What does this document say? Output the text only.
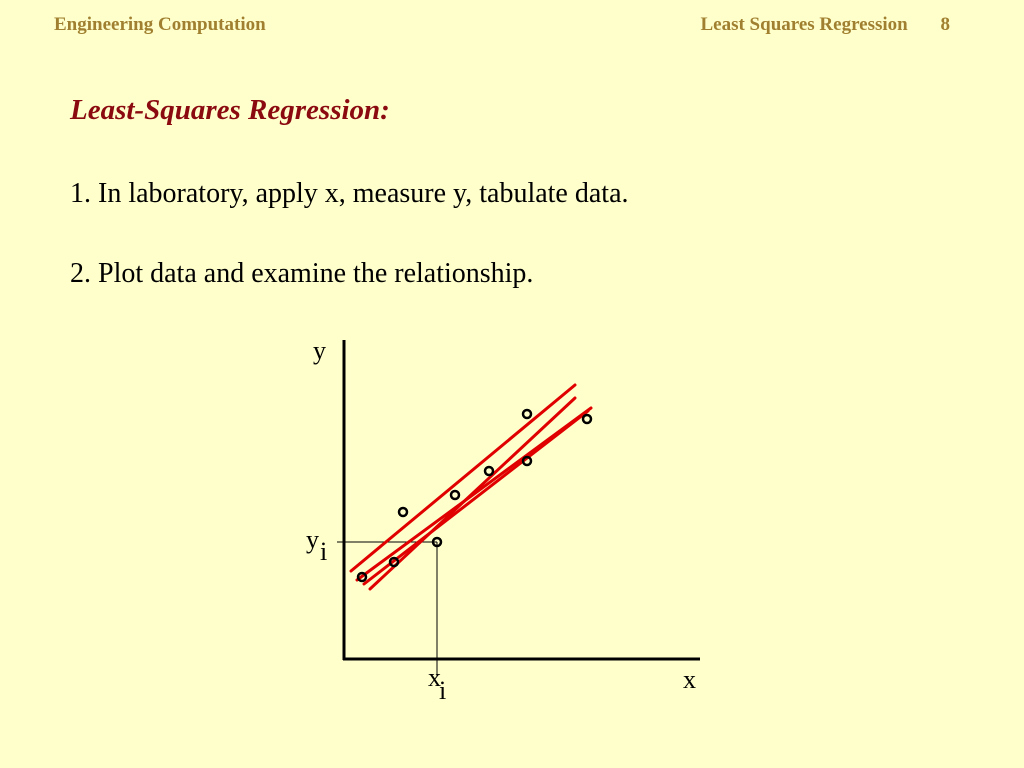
Engineering Computation	Least Squares Regression 8
Least-Squares Regression:
1. In laboratory, apply x, measure y, tabulate data.
2. Plot data and examine the relationship.
y
x
y i
x
i
